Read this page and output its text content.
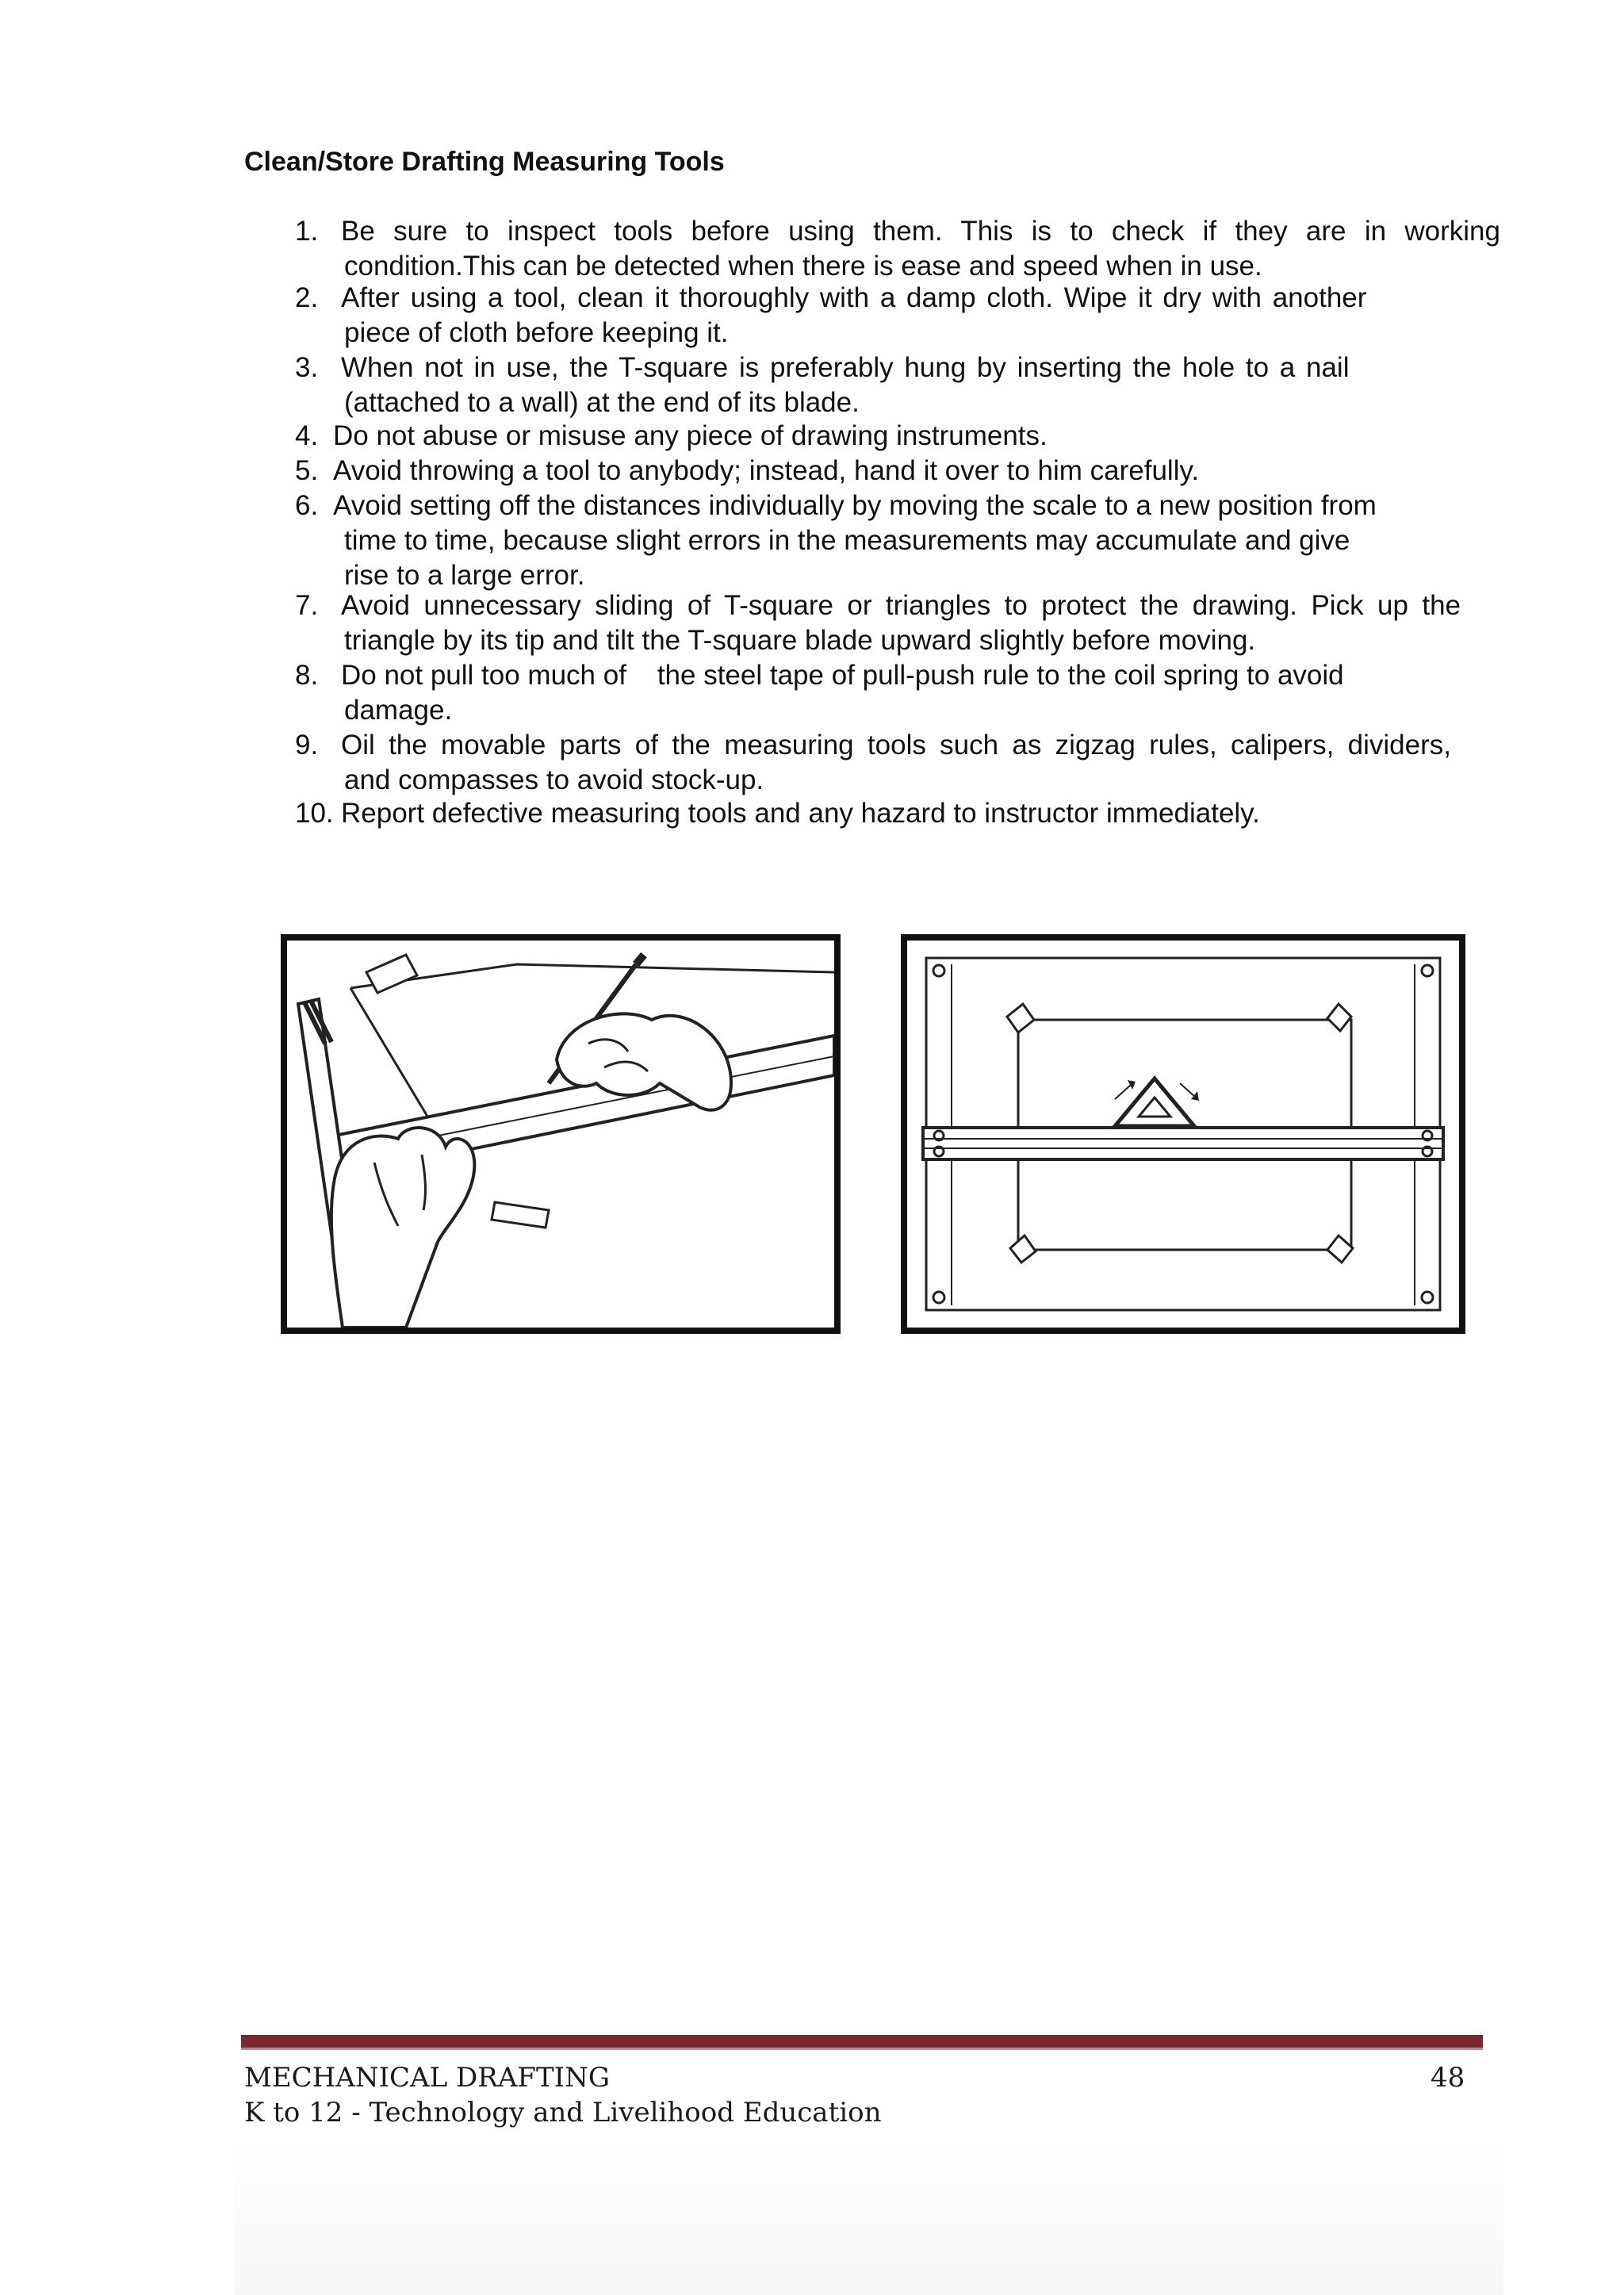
Clean/Store Drafting Measuring Tools
1. Be sure to inspect tools before using them. This is to check if they are in working
condition.This can be detected when there is ease and speed when in use.
2. After using a tool, clean it thoroughly with a damp cloth. Wipe it dry with another
piece of cloth before keeping it.
3. When not in use, the T-square is preferably hung by inserting the hole to a nail
(attached to a wall) at the end of its blade.
4. Do not abuse or misuse any piece of drawing instruments.
5. Avoid throwing a tool to anybody; instead, hand it over to him carefully.
6. Avoid setting off the distances individually by moving the scale to a new position from
time to time, because slight errors in the measurements may accumulate and give
rise to a large error.
7. Avoid unnecessary sliding of T-square or triangles to protect the drawing. Pick up the
triangle by its tip and tilt the T-square blade upward slightly before moving.
8. Do not pull too much of    the steel tape of pull-push rule to the coil spring to avoid
damage.
9. Oil the movable parts of the measuring tools such as zigzag rules, calipers, dividers,
and compasses to avoid stock-up.
10. Report defective measuring tools and any hazard to instructor immediately.
MECHANICAL DRAFTING
K to 12 - Technology and Livelihood Education
48
